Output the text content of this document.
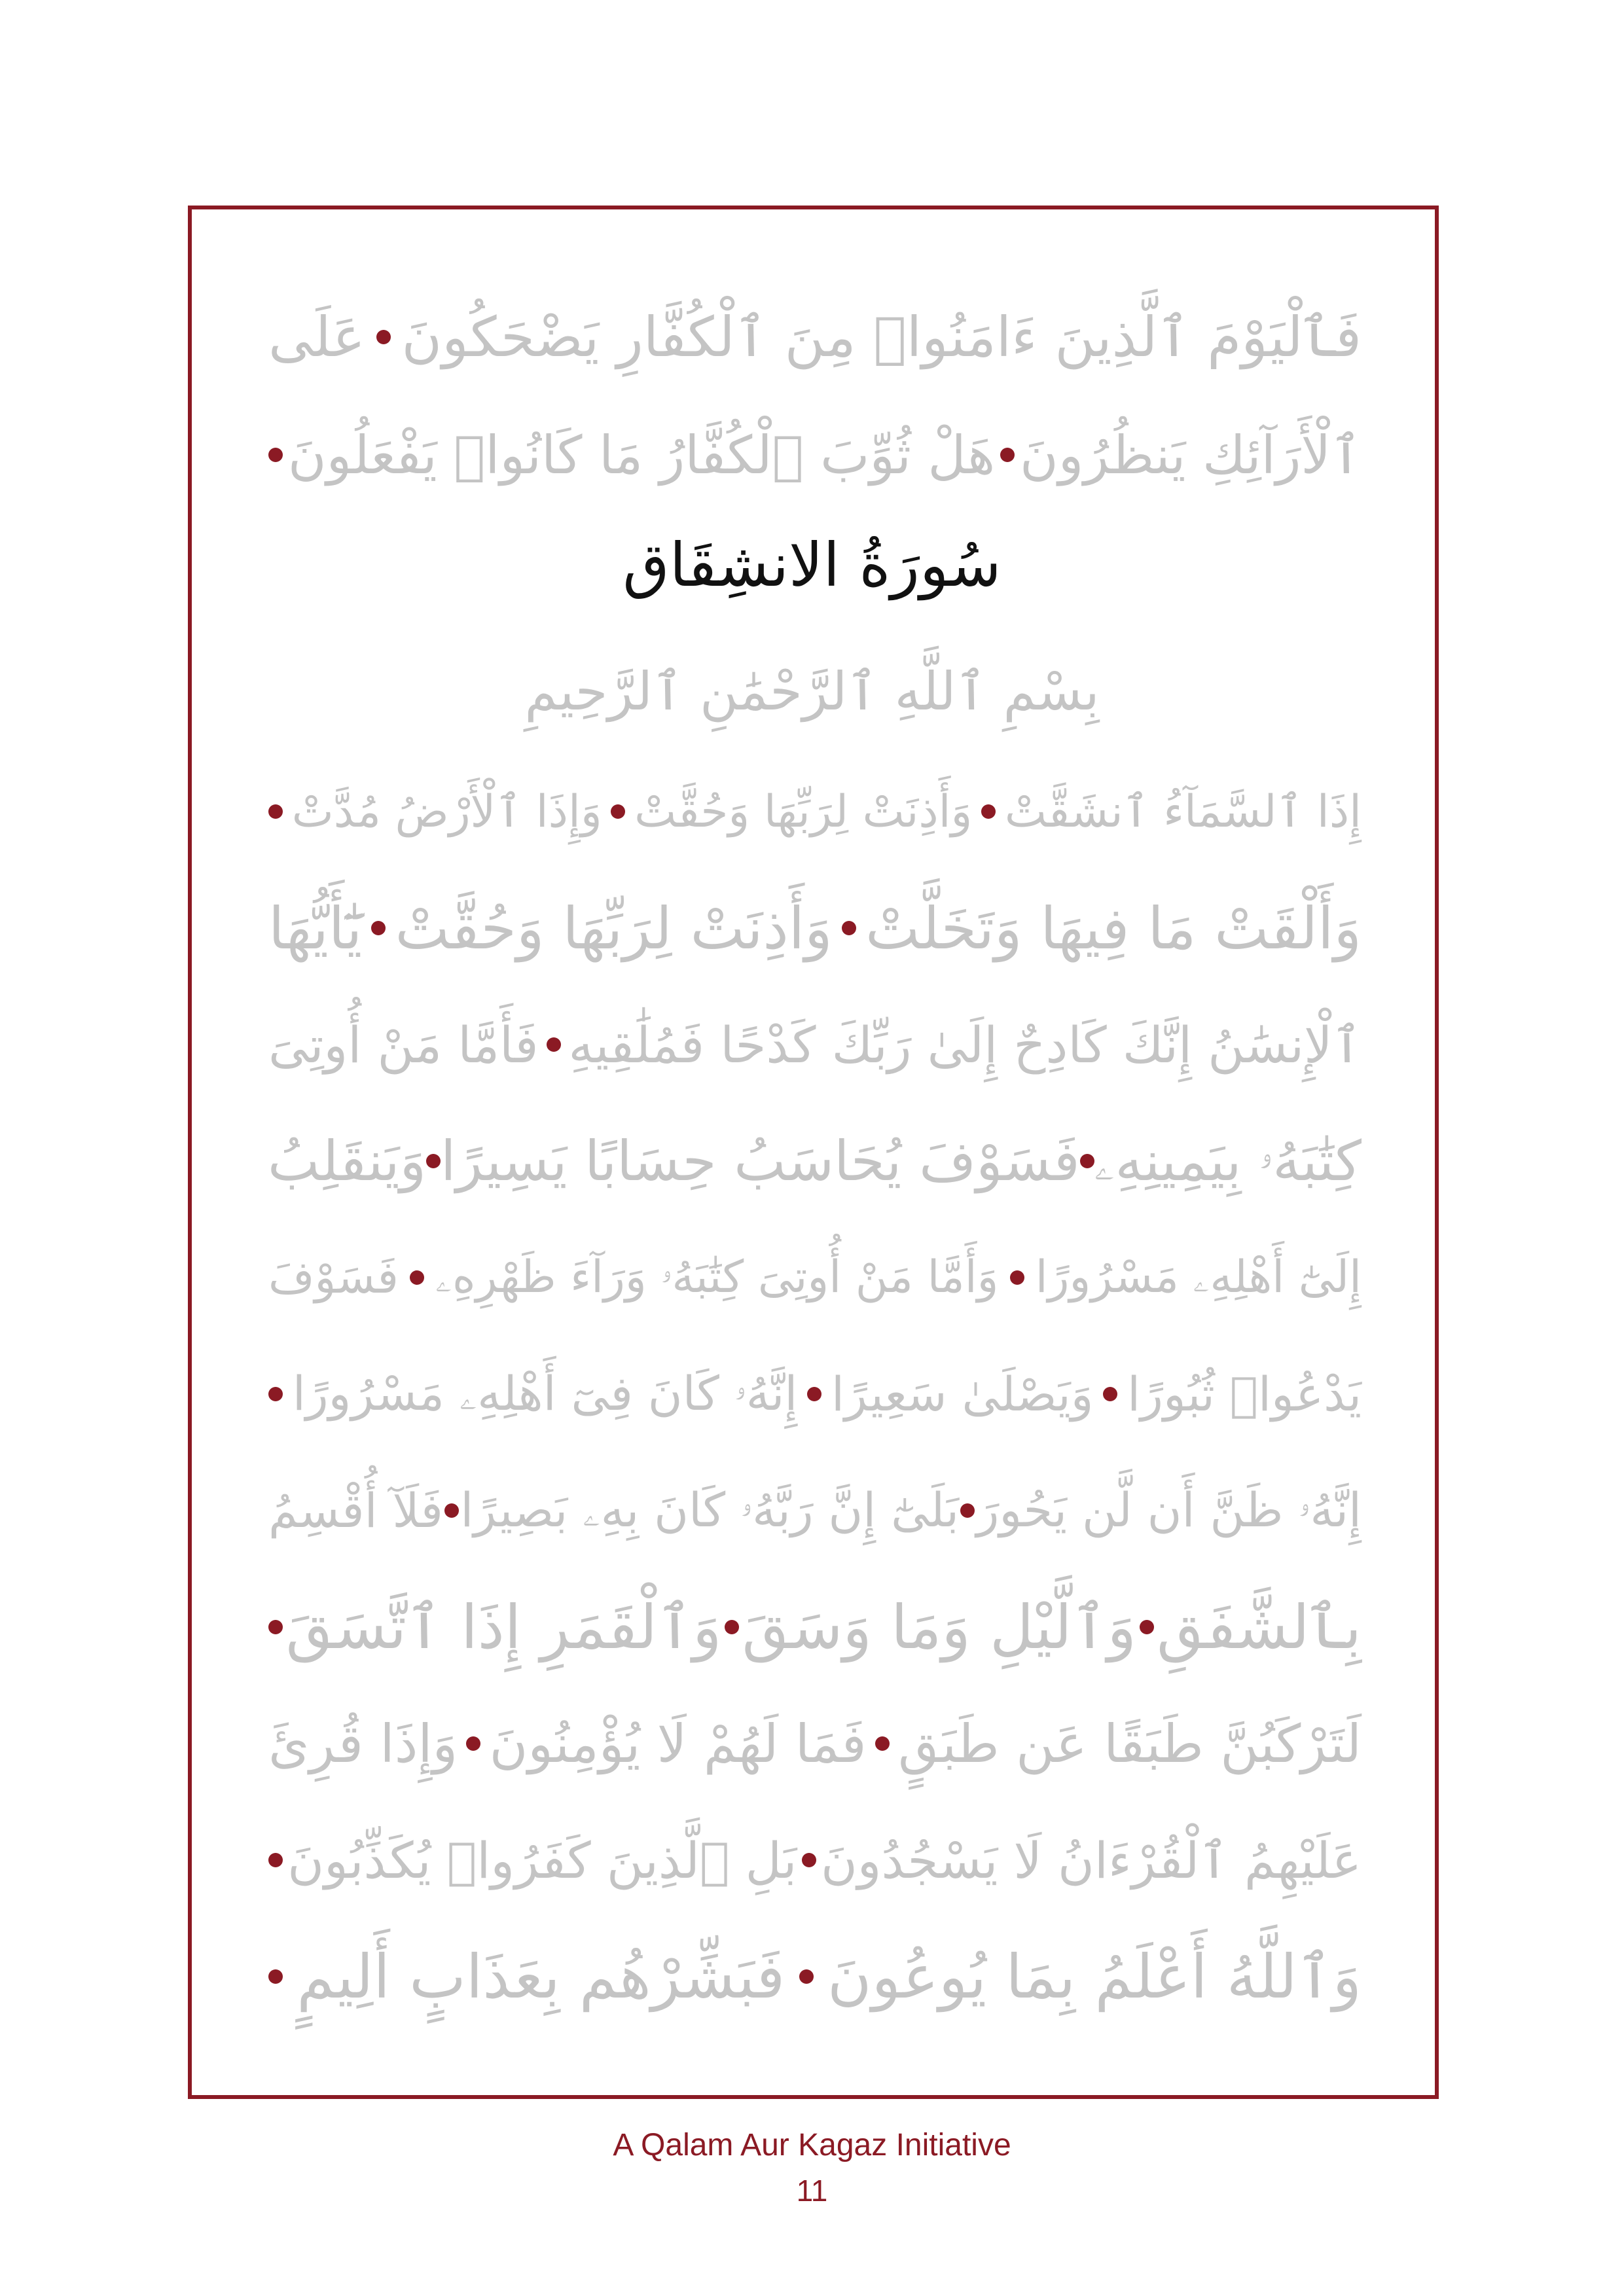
فَٱلْيَوْمَ ٱلَّذِينَ ءَامَنُوا۟ مِنَ ٱلْكُفَّارِ يَضْحَكُونَ
عَلَى
ٱلْأَرَآئِكِ يَنظُرُونَ
هَلْ ثُوِّبَ ٱلْكُفَّارُ مَا كَانُوا۟ يَفْعَلُونَ
سُورَةُ الانشِقَاق
بِسْمِ ٱللَّهِ ٱلرَّحْمَٰنِ ٱلرَّحِيمِ
إِذَا ٱلسَّمَآءُ ٱنشَقَّتْ
وَأَذِنَتْ لِرَبِّهَا وَحُقَّتْ
وَإِذَا ٱلْأَرْضُ مُدَّتْ
وَأَلْقَتْ مَا فِيهَا وَتَخَلَّتْ
وَأَذِنَتْ لِرَبِّهَا وَحُقَّتْ
يَٰٓأَيُّهَا
ٱلْإِنسَٰنُ إِنَّكَ كَادِحٌ إِلَىٰ رَبِّكَ كَدْحًا فَمُلَٰقِيهِ
فَأَمَّا مَنْ أُوتِىَ
كِتَٰبَهُۥ بِيَمِينِهِۦ
فَسَوْفَ يُحَاسَبُ حِسَابًا يَسِيرًا
وَيَنقَلِبُ
إِلَىٰٓ أَهْلِهِۦ مَسْرُورًا
وَأَمَّا مَنْ أُوتِىَ كِتَٰبَهُۥ وَرَآءَ ظَهْرِهِۦ
فَسَوْفَ
يَدْعُوا۟ ثُبُورًا
وَيَصْلَىٰ سَعِيرًا
إِنَّهُۥ كَانَ فِىٓ أَهْلِهِۦ مَسْرُورًا
إِنَّهُۥ ظَنَّ أَن لَّن يَحُورَ
بَلَىٰٓ إِنَّ رَبَّهُۥ كَانَ بِهِۦ بَصِيرًا
فَلَآ أُقْسِمُ
بِٱلشَّفَقِ
وَٱلَّيْلِ وَمَا وَسَقَ
وَٱلْقَمَرِ إِذَا ٱتَّسَقَ
لَتَرْكَبُنَّ طَبَقًا عَن طَبَقٍ
فَمَا لَهُمْ لَا يُؤْمِنُونَ
وَإِذَا قُرِئَ
عَلَيْهِمُ ٱلْقُرْءَانُ لَا يَسْجُدُونَ
بَلِ ٱلَّذِينَ كَفَرُوا۟ يُكَذِّبُونَ
وَٱللَّهُ أَعْلَمُ بِمَا يُوعُونَ
فَبَشِّرْهُم بِعَذَابٍ أَلِيمٍ
A Qalam Aur Kagaz Initiative
11
